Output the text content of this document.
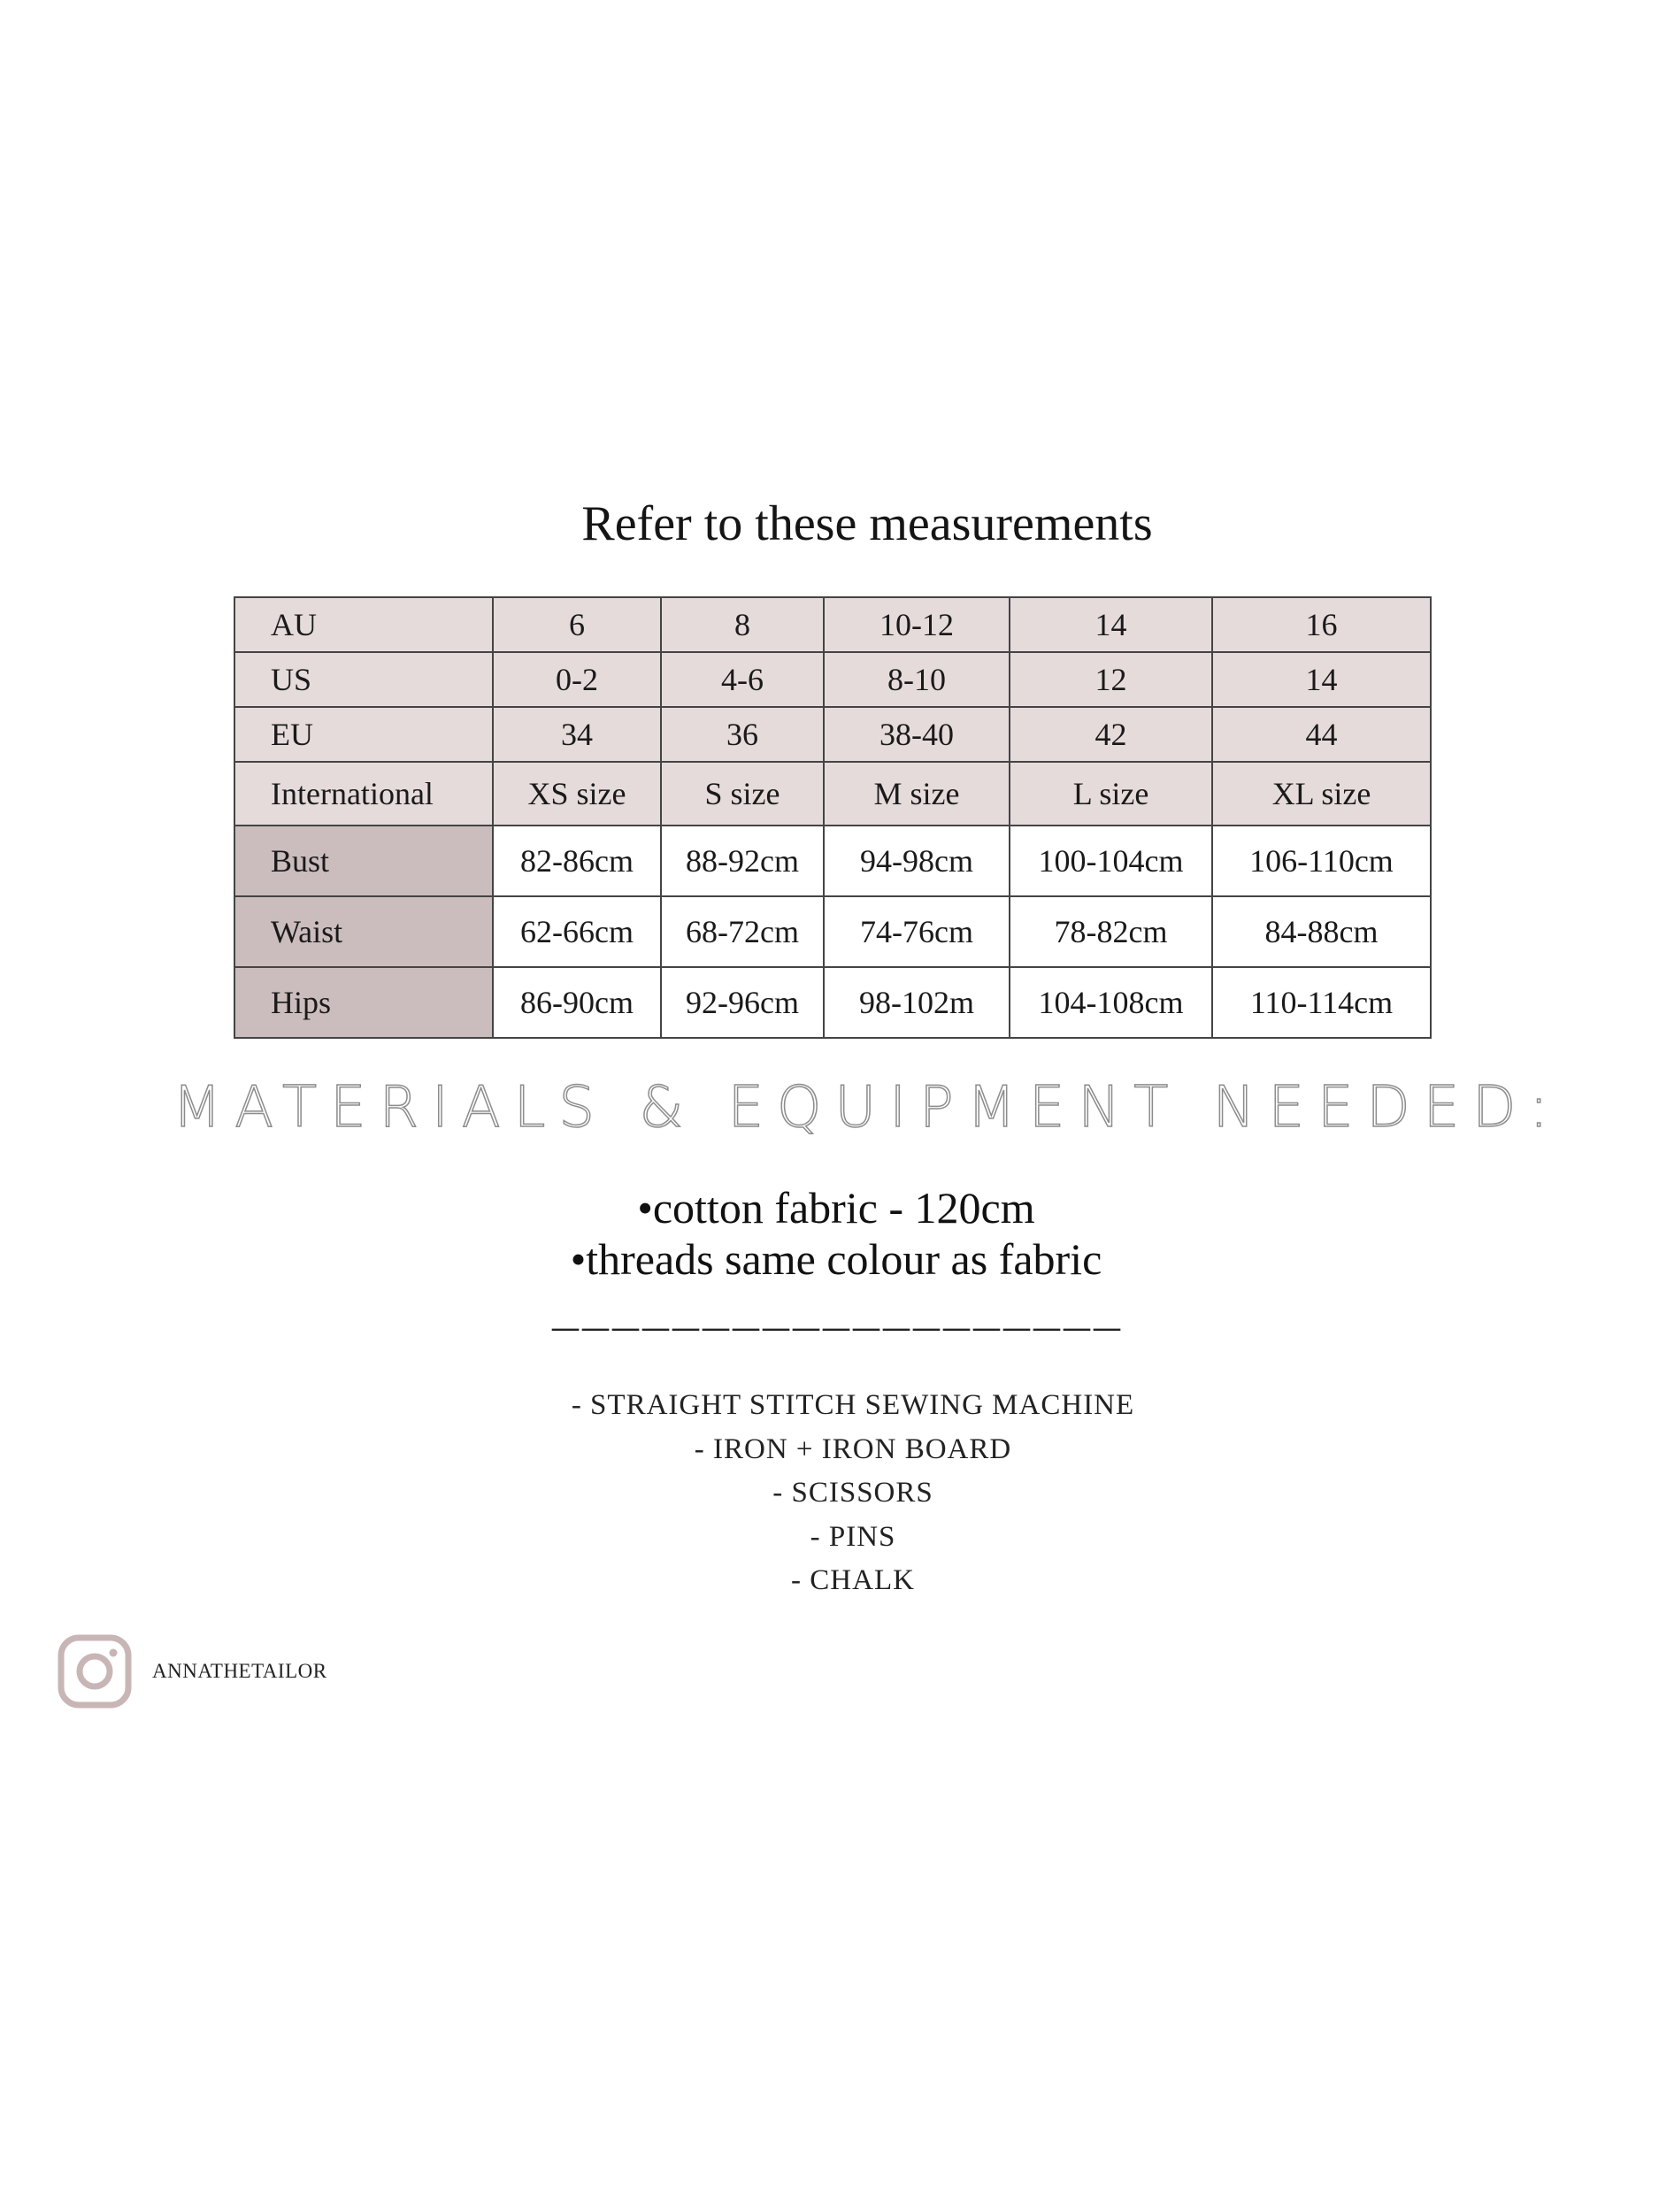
Refer to these measurements
AU	6	8	10-12	14	16
US	0-2	4-6	8-10	12	14
EU	34	36	38-40	42	44
International	XS size	S size	M size	L size	XL size
Bust	82-86cm	88-92cm	94-98cm	100-104cm	106-110cm
Waist	62-66cm	68-72cm	74-76cm	78-82cm	84-88cm
Hips	86-90cm	92-96cm	98-102m	104-108cm	110-114cm
MATERIALS & EQUIPMENT NEEDED:
•cotton fabric - 120cm
•threads same colour as fabric
———————————————————
- STRAIGHT STITCH SEWING MACHINE
- IRON + IRON BOARD
- SCISSORS
- PINS
- CHALK
ANNATHETAILOR
